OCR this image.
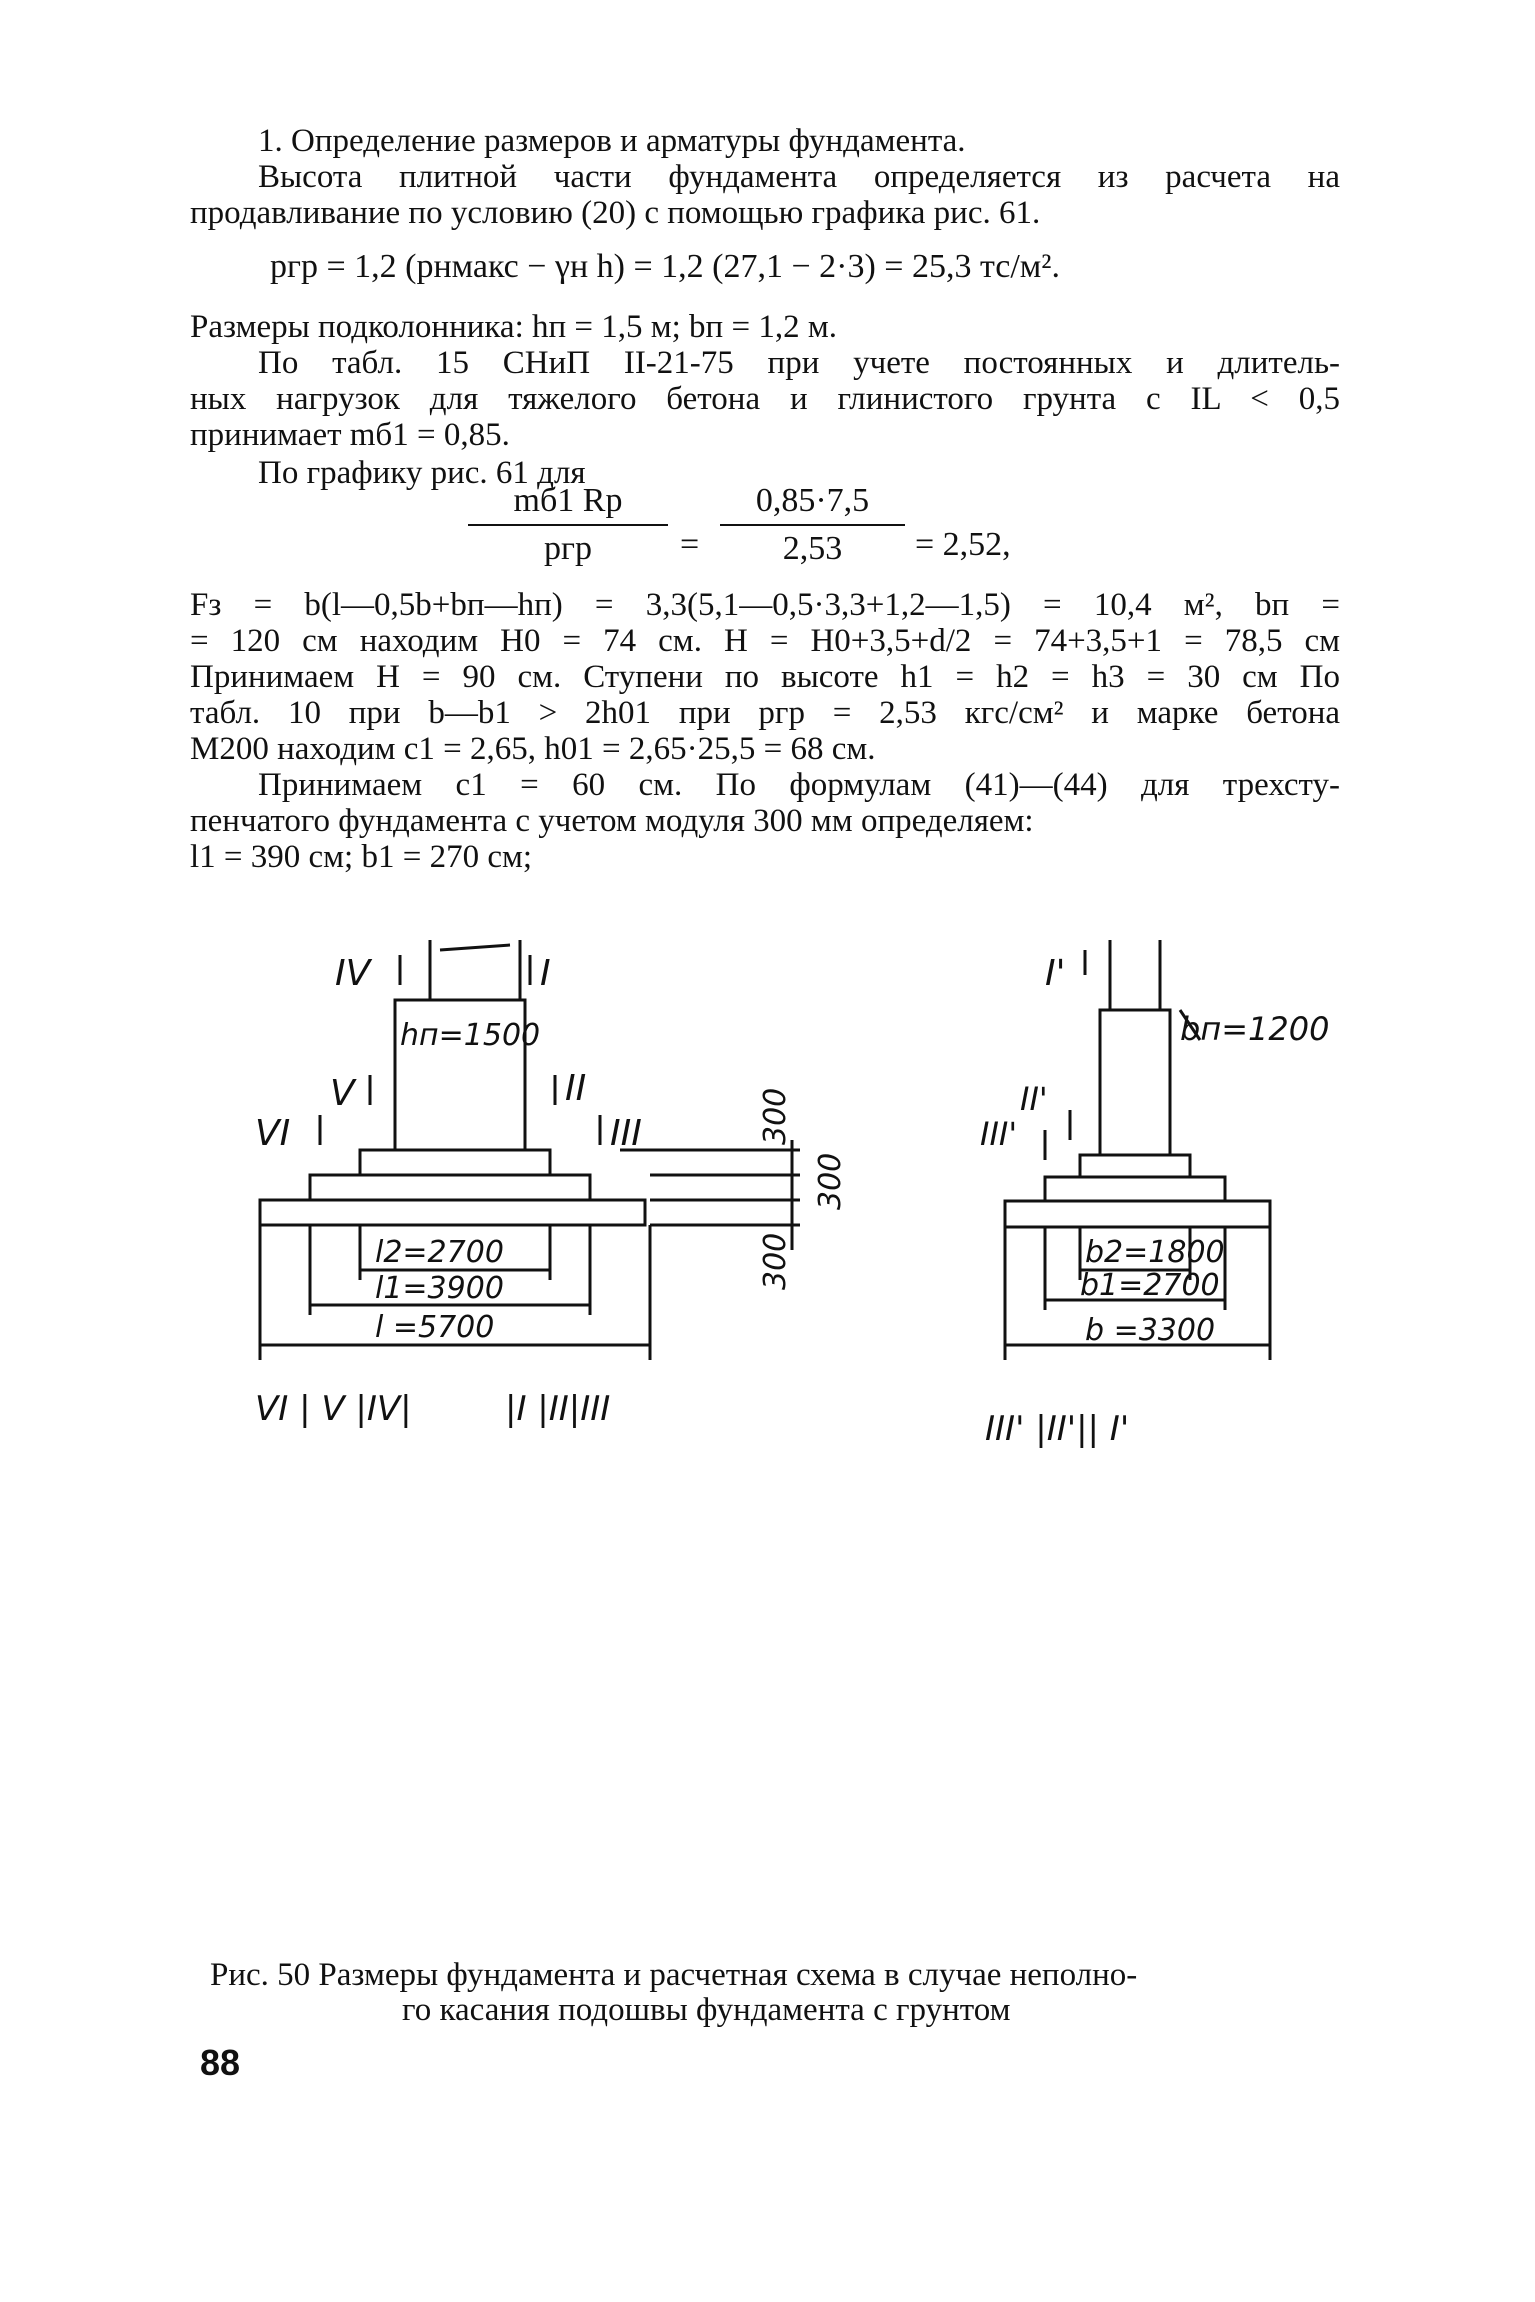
1. Определение размеров и арматуры фундамента.

Высота плитной части фундамента определяется из расчета на

продавливание по условию (20) с помощью графика рис. 61.

pгр = 1,2 (pнмакс − γн h) = 1,2 (27,1 − 2·3) = 25,3 тс/м².

Размеры подколонника: hп = 1,5 м; bп = 1,2 м.

По табл. 15 СНиП II-21-75 при учете постоянных и длитель-

ных нагрузок для тяжелого бетона и глинистого грунта с IL < 0,5

принимает mб1 = 0,85.

По графику рис. 61 для

mб1 Rр
pгр	=
0,85·7,5
2,53	= 2,52,

Fз = b(l—0,5b+bп—hп) = 3,3(5,1—0,5·3,3+1,2—1,5) = 10,4 м², bп =

= 120 см находим H0 = 74 см. H = H0+3,5+d/2 = 74+3,5+1 = 78,5 см

Принимаем H = 90 см. Ступени по высоте h1 = h2 = h3 = 30 см По

табл. 10 при b—b1 > 2h01 при pгр = 2,53 кгс/см² и марке бетона

М200 находим c1 = 2,65, h01 = 2,65·25,5 = 68 см.

Принимаем c1 = 60 см. По формулам (41)—(44) для трехсту-

пенчатого фундамента с учетом модуля 300 мм определяем:

l1 = 390 см; b1 = 270 см;

IV	I
hп=1500
V	II
VI	III	300
300
300
l2=2700
l1=3900
l =5700
VI | V |IV|	|I |II|III
I'
bп=1200
II'
III'
b2=1800
b1=2700
b =3300
III' |II'|| I'
Рис. 50 Размеры фундамента и расчетная схема в случае неполно-
го касания подошвы фундамента с грунтом
88
